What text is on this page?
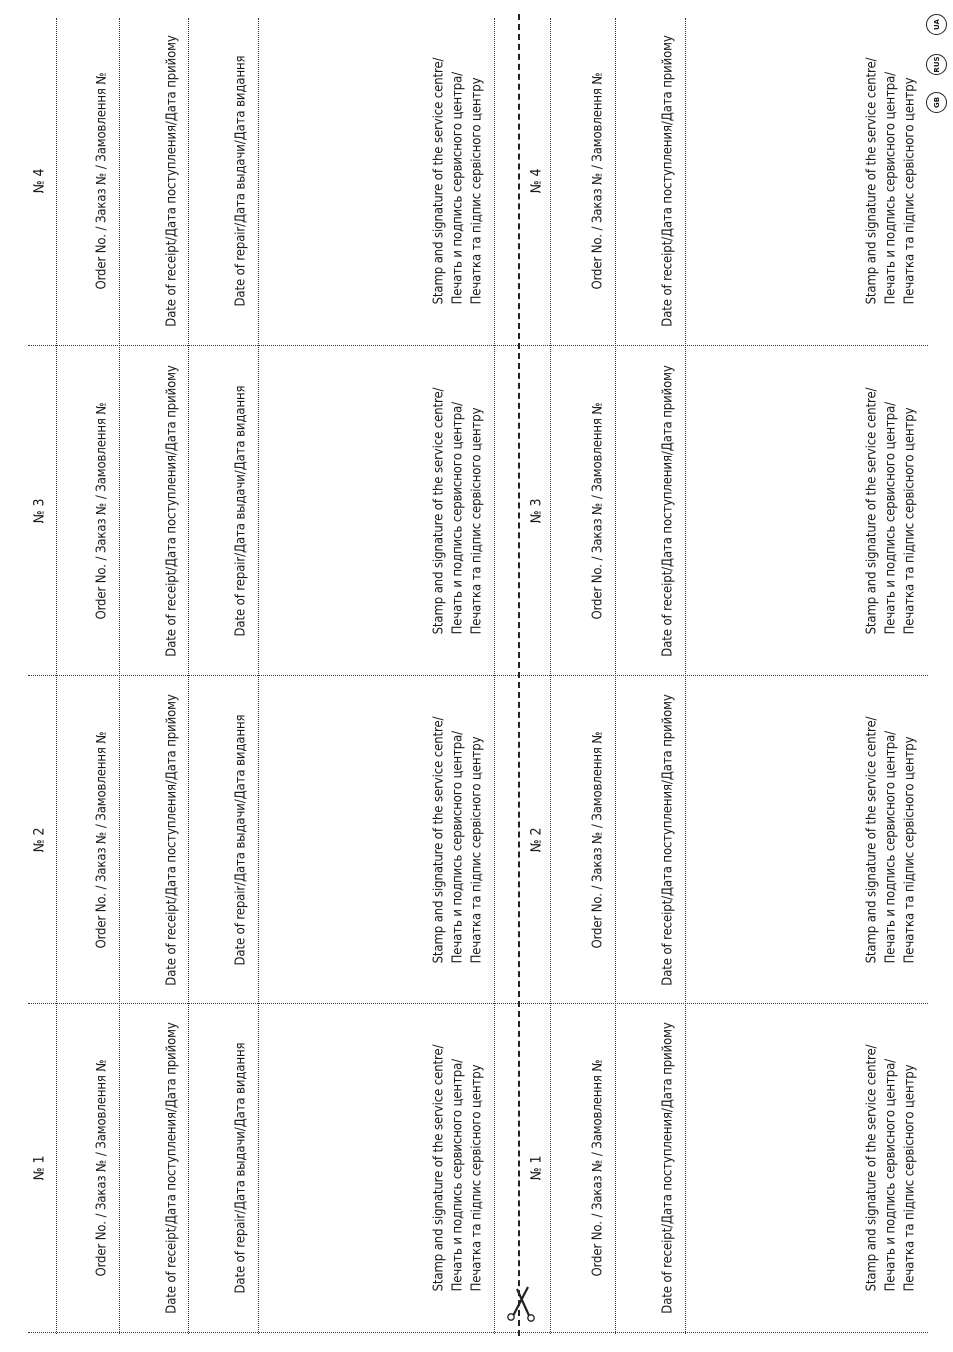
№ 1	Order No. / Заказ № / Замовлення №	Date of receipt/Дата поступления/Дата прийому	Date of repair/Дата выдачи/Дата видання	Stamp and signature of the service centre/ Печать и подпись сервисного центра/ Печатка та підпис сервісного центру
№ 2	Order No. / Заказ № / Замовлення №	Date of receipt/Дата поступления/Дата прийому	Date of repair/Дата выдачи/Дата видання	Stamp and signature of the service centre/ Печать и подпись сервисного центра/ Печатка та підпис сервісного центру
№ 3	Order No. / Заказ № / Замовлення №	Date of receipt/Дата поступления/Дата прийому	Date of repair/Дата выдачи/Дата видання	Stamp and signature of the service centre/ Печать и подпись сервисного центра/ Печатка та підпис сервісного центру
№ 4	Order No. / Заказ № / Замовлення №	Date of receipt/Дата поступления/Дата прийому	Date of repair/Дата выдачи/Дата видання	Stamp and signature of the service centre/ Печать и подпись сервисного центра/ Печатка та підпис сервісного центру
№ 1	Order No. / Заказ № / Замовлення №	Date of receipt/Дата поступления/Дата прийому	Stamp and signature of the service centre/ Печать и подпись сервисного центра/ Печатка та підпис сервісного центру
№ 2	Order No. / Заказ № / Замовлення №	Date of receipt/Дата поступления/Дата прийому	Stamp and signature of the service centre/ Печать и подпись сервисного центра/ Печатка та підпис сервісного центру
№ 3	Order No. / Заказ № / Замовлення №	Date of receipt/Дата поступления/Дата прийому	Stamp and signature of the service centre/ Печать и подпись сервисного центра/ Печатка та підпис сервісного центру
№ 4	Order No. / Заказ № / Замовлення №	Date of receipt/Дата поступления/Дата прийому	Stamp and signature of the service centre/ Печать и подпись сервисного центра/ Печатка та підпис сервісного центру
UA
RUS
GB
